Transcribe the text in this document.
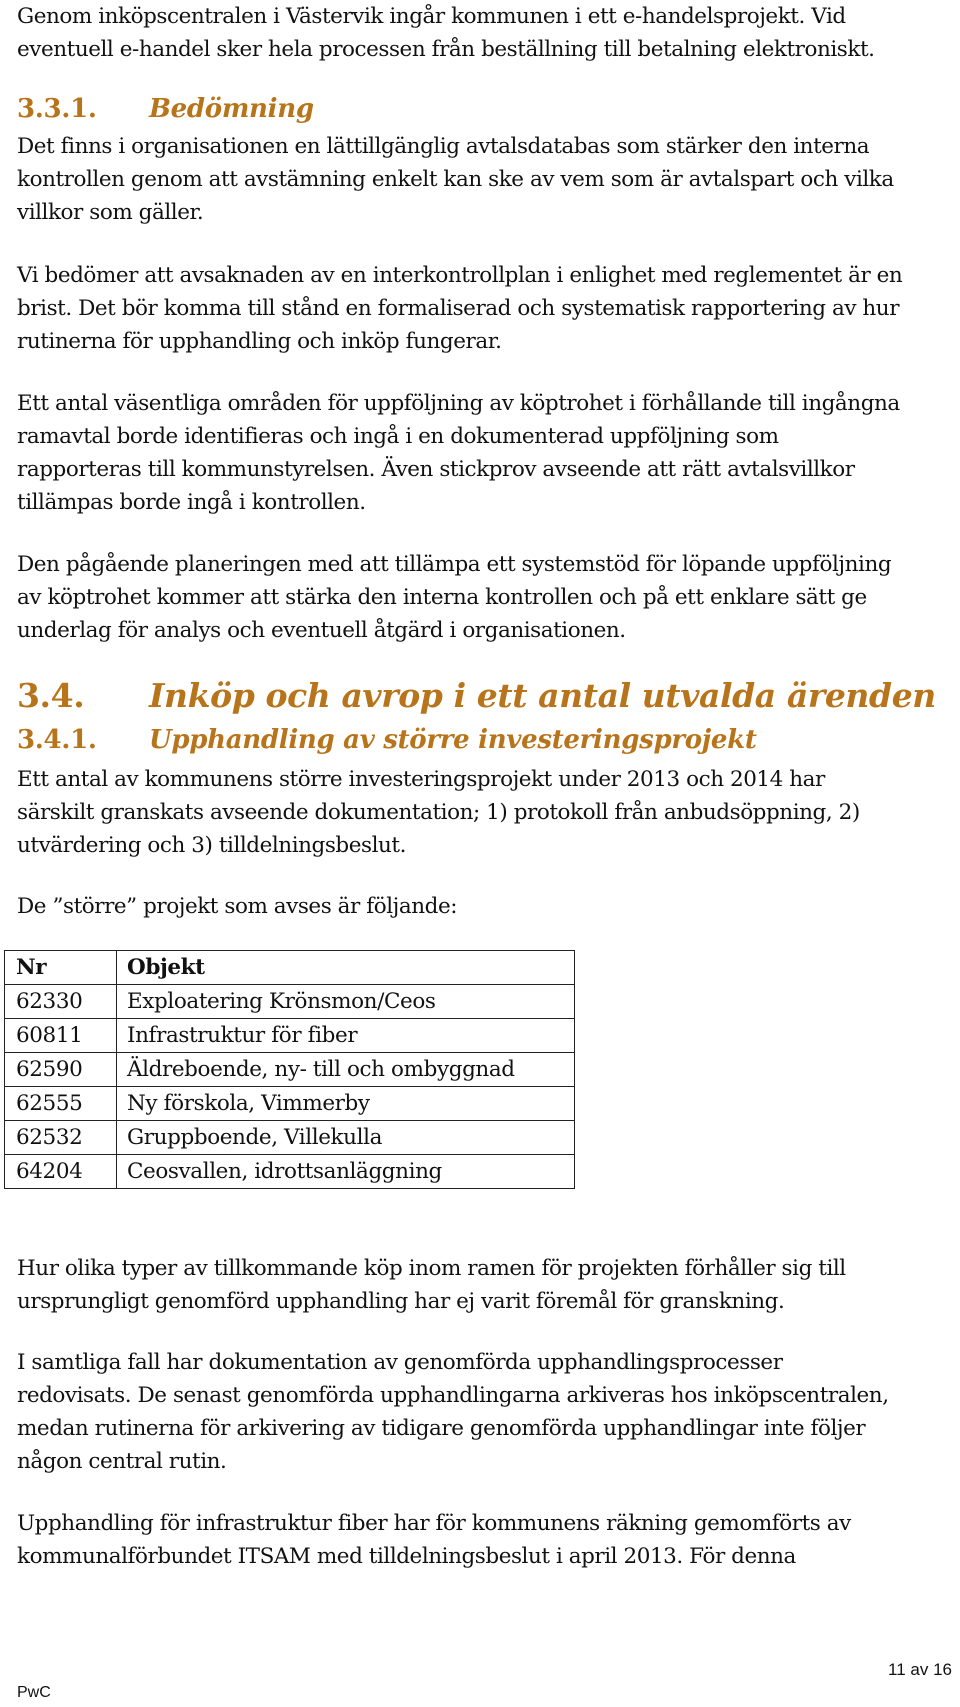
Genom inköpscentralen i Västervik ingår kommunen i ett e-handelsprojekt. Vid
eventuell e-handel sker hela processen från beställning till betalning elektroniskt.

3.3.1. Bedömning

Det finns i organisationen en lättillgänglig avtalsdatabas som stärker den interna
kontrollen genom att avstämning enkelt kan ske av vem som är avtalspart och vilka
villkor som gäller.

Vi bedömer att avsaknaden av en interkontrollplan i enlighet med reglementet är en
brist. Det bör komma till stånd en formaliserad och systematisk rapportering av hur
rutinerna för upphandling och inköp fungerar.

Ett antal väsentliga områden för uppföljning av köptrohet i förhållande till ingångna
ramavtal borde identifieras och ingå i en dokumenterad uppföljning som
rapporteras till kommunstyrelsen. Även stickprov avseende att rätt avtalsvillkor
tillämpas borde ingå i kontrollen.

Den pågående planeringen med att tillämpa ett systemstöd för löpande uppföljning
av köptrohet kommer att stärka den interna kontrollen och på ett enklare sätt ge
underlag för analys och eventuell åtgärd i organisationen.

3.4. Inköp och avrop i ett antal utvalda ärenden
3.4.1. Upphandling av större investeringsprojekt

Ett antal av kommunens större investeringsprojekt under 2013 och 2014 har
särskilt granskats avseende dokumentation; 1) protokoll från anbudsöppning, 2)
utvärdering och 3) tilldelningsbeslut.

De ”större” projekt som avses är följande:

Nr	Objekt
62330	Exploatering Krönsmon/Ceos
60811	Infrastruktur för fiber
62590	Äldreboende, ny- till och ombyggnad
62555	Ny förskola, Vimmerby
62532	Gruppboende, Villekulla
64204	Ceosvallen, idrottsanläggning

Hur olika typer av tillkommande köp inom ramen för projekten förhåller sig till
ursprungligt genomförd upphandling har ej varit föremål för granskning.

I samtliga fall har dokumentation av genomförda upphandlingsprocesser
redovisats. De senast genomförda upphandlingarna arkiveras hos inköpscentralen,
medan rutinerna för arkivering av tidigare genomförda upphandlingar inte följer
någon central rutin.

Upphandling för infrastruktur fiber har för kommunens räkning gemomförts av
kommunalförbundet ITSAM med tilldelningsbeslut i april 2013. För denna

11 av 16
PwC
